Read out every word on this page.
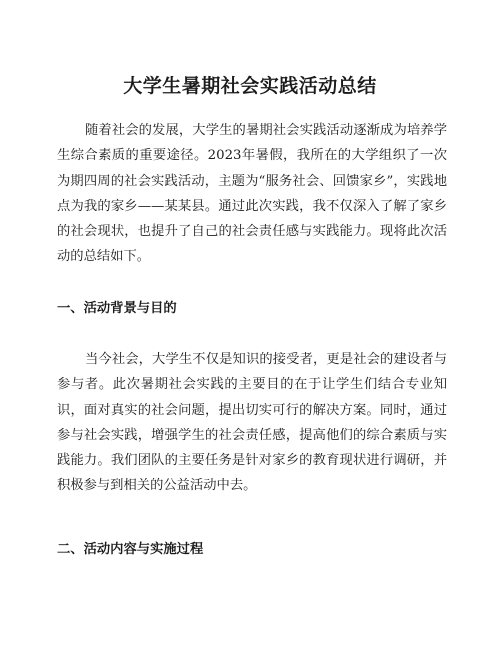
大学生暑期社会实践活动总结

随着社会的发展，大学生的暑期社会实践活动逐渐成为培养学生综合素质的重要途径。2023年暑假，我所在的大学组织了一次为期四周的社会实践活动，主题为“服务社会、回馈家乡”，实践地点为我的家乡——某某县。通过此次实践，我不仅深入了解了家乡的社会现状，也提升了自己的社会责任感与实践能力。现将此次活动的总结如下。

一、活动背景与目的

当今社会，大学生不仅是知识的接受者，更是社会的建设者与参与者。此次暑期社会实践的主要目的在于让学生们结合专业知识，面对真实的社会问题，提出切实可行的解决方案。同时，通过参与社会实践，增强学生的社会责任感，提高他们的综合素质与实践能力。我们团队的主要任务是针对家乡的教育现状进行调研，并积极参与到相关的公益活动中去。

二、活动内容与实施过程
